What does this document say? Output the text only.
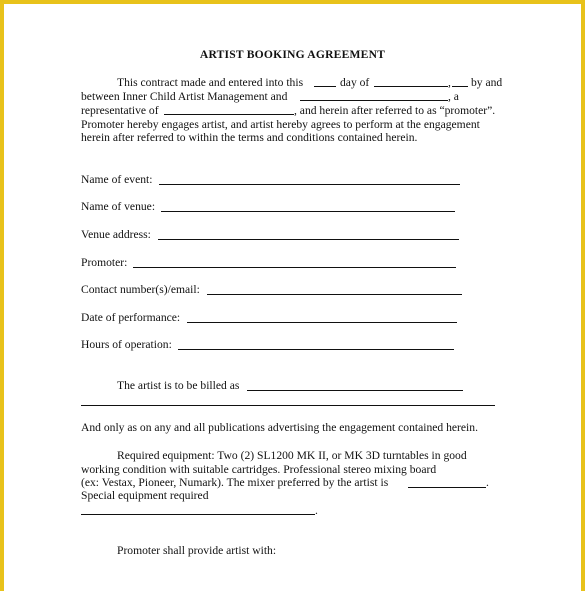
ARTIST BOOKING AGREEMENT
This contract made and entered into this	day of	, by and
between Inner Child Artist Management and	, a
representative of	, and herein after referred to as “promoter”.
Promoter hereby engages artist, and artist hereby agrees to perform at the engagement
herein after referred to within the terms and conditions contained herein.
Name of event:
Name of venue:
Venue address:
Promoter:
Contact number(s)/email:
Date of performance:
Hours of operation:
The artist is to be billed as
And only as on any and all publications advertising the engagement contained herein.
Required equipment: Two (2) SL1200 MK II, or MK 3D turntables in good
working condition with suitable cartridges. Professional stereo mixing board
(ex: Vestax, Pioneer, Numark). The mixer preferred by the artist is	.
Special equipment required
.
Promoter shall provide artist with:
